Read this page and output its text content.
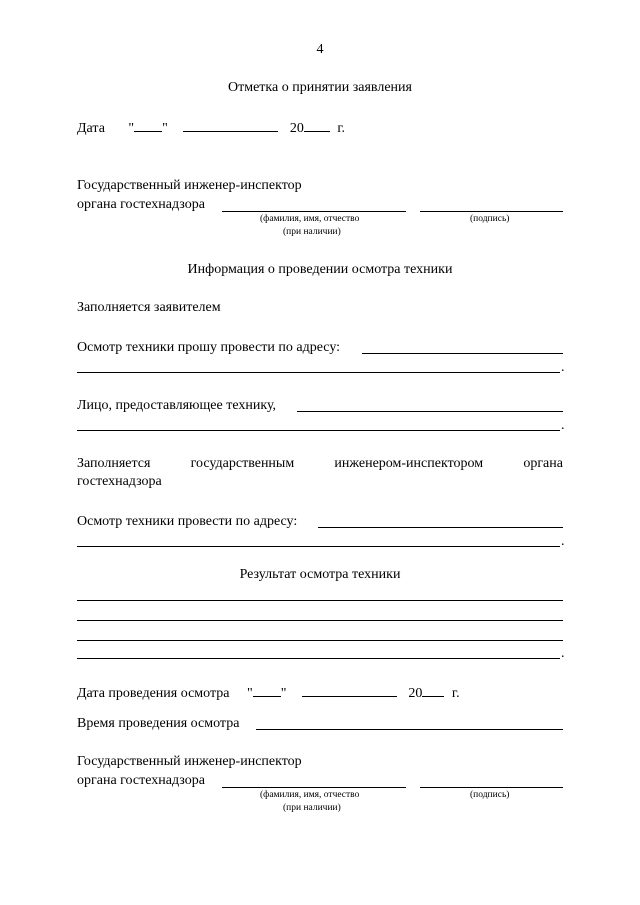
4
Отметка о принятии заявления
Дата " "	20 г.
Государственный инженер-инспектор
органа гостехнадзора
(фамилия, имя, отчество	(подпись)
(при наличии)
Информация о проведении осмотра техники
Заполняется заявителем
Осмотр техники прошу провести по адресу:
.
Лицо, предоставляющее технику,
.
Заполняется	государственным	инженером-инспектором	органа
гостехнадзора
Осмотр техники провести по адресу:
.
Результат осмотра техники
.
Дата проведения осмотра " "	20 г.
Время проведения осмотра
Государственный инженер-инспектор
органа гостехнадзора
(фамилия, имя, отчество	(подпись)
(при наличии)
